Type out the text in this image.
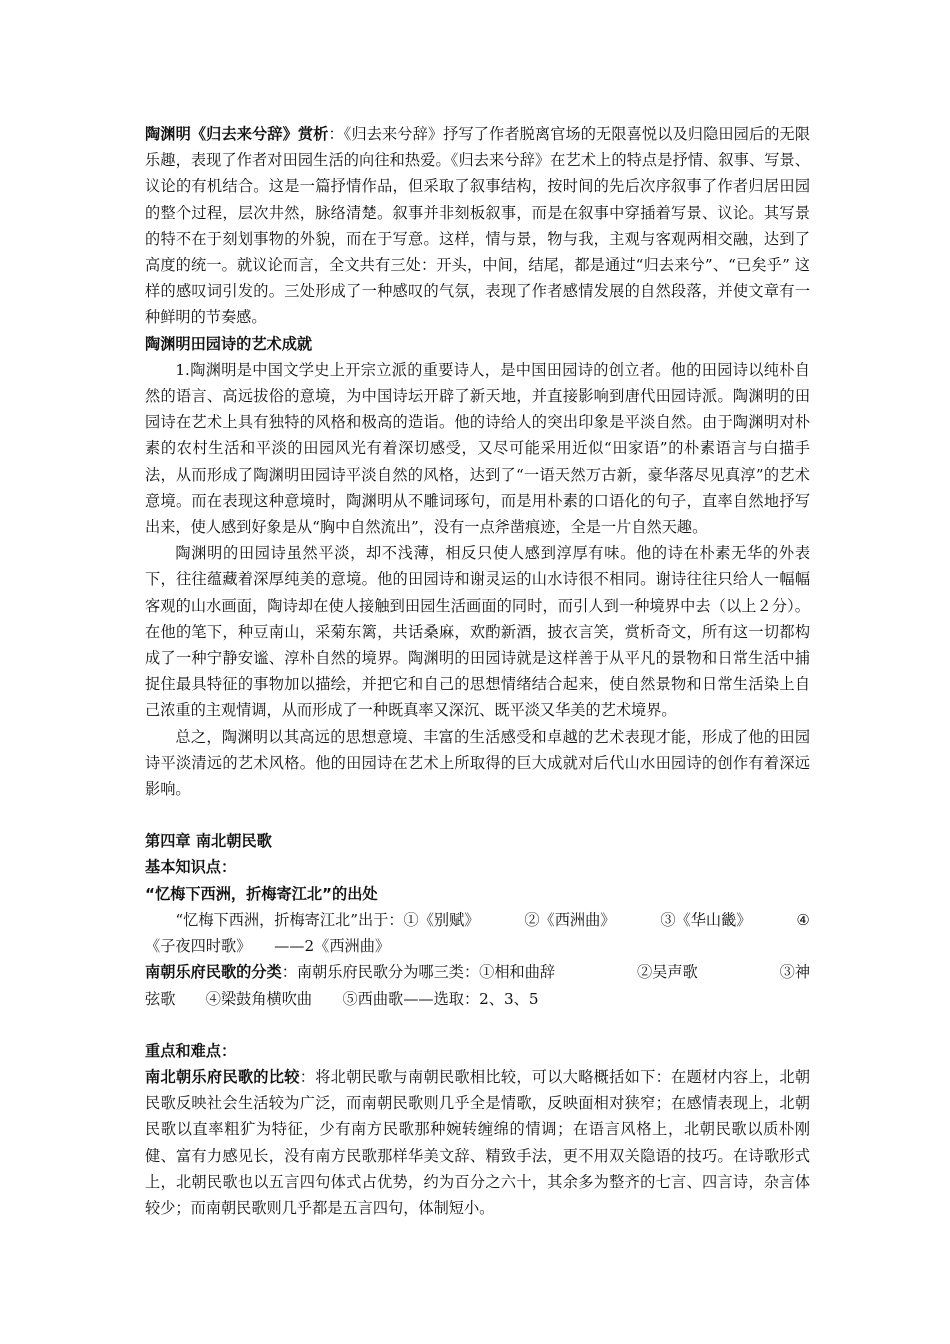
陶渊明《归去来兮辞》赏析：《归去来兮辞》抒写了作者脱离官场的无限喜悦以及归隐田园后的无限乐趣，表现了作者对田园生活的向往和热爱。《归去来兮辞》在艺术上的特点是抒情、叙事、写景、议论的有机结合。这是一篇抒情作品，但采取了叙事结构，按时间的先后次序叙事了作者归居田园的整个过程，层次井然，脉络清楚。叙事并非刻板叙事，而是在叙事中穿插着写景、议论。其写景的特不在于刻划事物的外貌，而在于写意。这样，情与景，物与我，主观与客观两相交融，达到了高度的统一。就议论而言，全文共有三处：开头，中间，结尾，都是通过“归去来兮”、“已矣乎” 这样的感叹词引发的。三处形成了一种感叹的气氛，表现了作者感情发展的自然段落，并使文章有一种鲜明的节奏感。

陶渊明田园诗的艺术成就

1.陶渊明是中国文学史上开宗立派的重要诗人，是中国田园诗的创立者。他的田园诗以纯朴自然的语言、高远拔俗的意境，为中国诗坛开辟了新天地，并直接影响到唐代田园诗派。陶渊明的田园诗在艺术上具有独特的风格和极高的造诣。他的诗给人的突出印象是平淡自然。由于陶渊明对朴素的农村生活和平淡的田园风光有着深切感受，又尽可能采用近似“田家语”的朴素语言与白描手法，从而形成了陶渊明田园诗平淡自然的风格，达到了“一语天然万古新，豪华落尽见真淳”的艺术意境。而在表现这种意境时，陶渊明从不雕词琢句，而是用朴素的口语化的句子，直率自然地抒写出来，使人感到好象是从“胸中自然流出”，没有一点斧凿痕迹，全是一片自然天趣。

陶渊明的田园诗虽然平淡，却不浅薄，相反只使人感到淳厚有味。他的诗在朴素无华的外表下，往往蕴藏着深厚纯美的意境。他的田园诗和谢灵运的山水诗很不相同。谢诗往往只给人一幅幅客观的山水画面，陶诗却在使人接触到田园生活画面的同时，而引人到一种境界中去（以上２分）。在他的笔下，种豆南山，采菊东篱，共话桑麻，欢酌新酒，披衣言笑，赏析奇文，所有这一切都构成了一种宁静安谧、淳朴自然的境界。陶渊明的田园诗就是这样善于从平凡的景物和日常生活中捕捉住最具特征的事物加以描绘，并把它和自己的思想情绪结合起来，使自然景物和日常生活染上自己浓重的主观情调，从而形成了一种既真率又深沉、既平淡又华美的艺术境界。

总之，陶渊明以其高远的思想意境、丰富的生活感受和卓越的艺术表现才能，形成了他的田园诗平淡清远的艺术风格。他的田园诗在艺术上所取得的巨大成就对后代山水田园诗的创作有着深远影响。

第四章 南北朝民歌

基本知识点：

“忆梅下西洲，折梅寄江北”的出处

“忆梅下西洲，折梅寄江北”出于：①《别赋》	②《西洲曲》	③《华山畿》	④

《子夜四时歌》　　——2《西洲曲》

南朝乐府民歌的分类：南朝乐府民歌分为哪三类：①相和曲辞	②吴声歌	③神

弦歌　　④梁鼓角横吹曲　　⑤西曲歌——选取：2、3、5

重点和难点：

南北朝乐府民歌的比较：将北朝民歌与南朝民歌相比较，可以大略概括如下：在题材内容上，北朝民歌反映社会生活较为广泛，而南朝民歌则几乎全是情歌，反映面相对狭窄；在感情表现上，北朝民歌以直率粗犷为特征，少有南方民歌那种婉转缠绵的情调；在语言风格上，北朝民歌以质朴刚健、富有力感见长，没有南方民歌那样华美文辞、精致手法，更不用双关隐语的技巧。在诗歌形式上，北朝民歌也以五言四句体式占优势，约为百分之六十，其余多为整齐的七言、四言诗，杂言体较少；而南朝民歌则几乎都是五言四句，体制短小。
